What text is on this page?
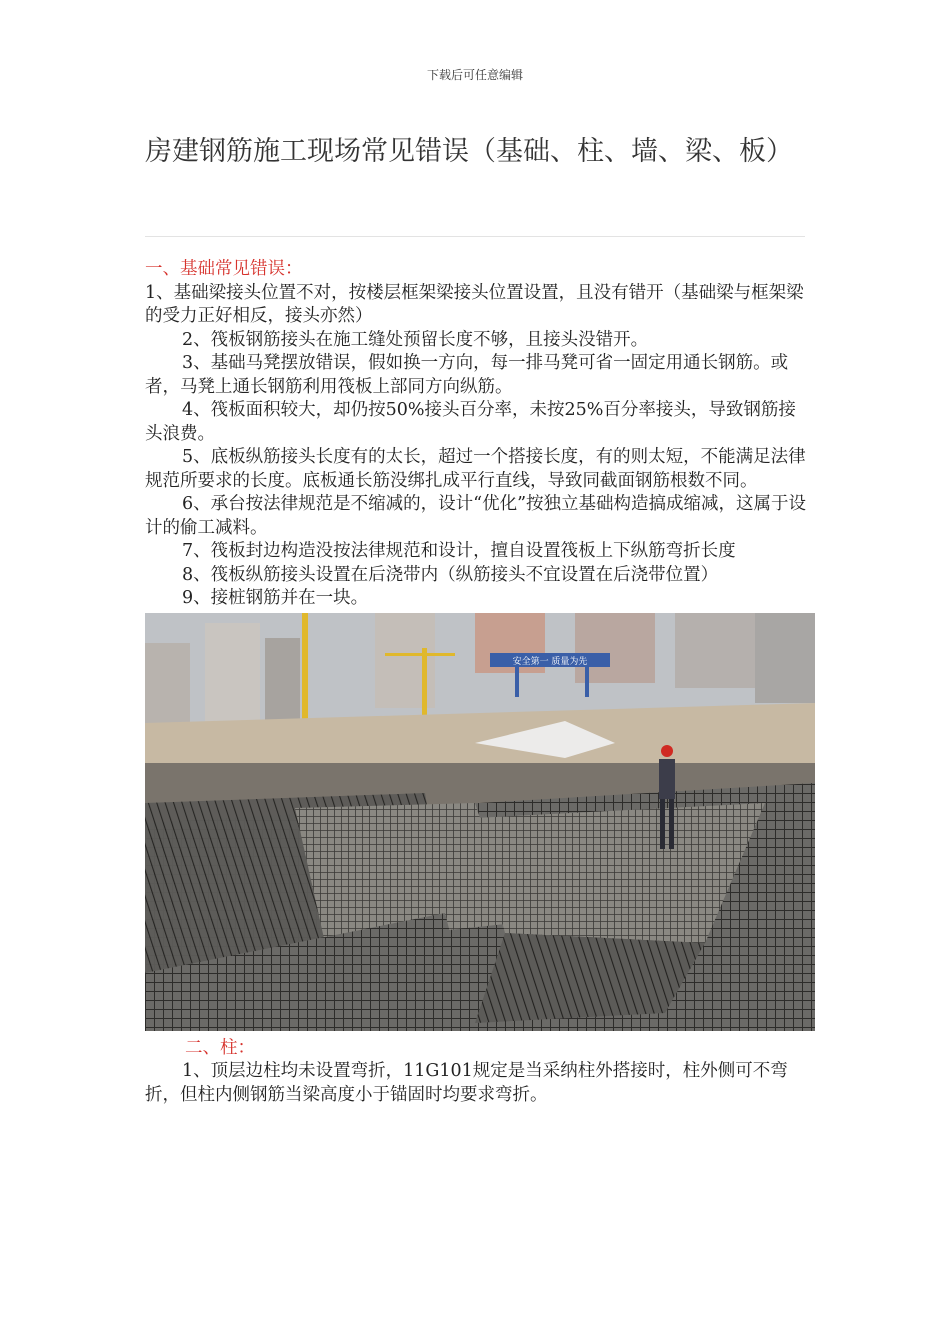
下载后可任意编辑
房建钢筋施工现场常见错误（基础、柱、墙、梁、板）

一、基础常见错误：

1、基础梁接头位置不对，按楼层框架梁接头位置设置，且没有错开（基础梁与框架梁的受力正好相反，接头亦然）

2、筏板钢筋接头在施工缝处预留长度不够，且接头没错开。

3、基础马凳摆放错误，假如换一方向，每一排马凳可省一固定用通长钢筋。或者，马凳上通长钢筋利用筏板上部同方向纵筋。

4、筏板面积较大，却仍按50%接头百分率，未按25%百分率接头，导致钢筋接头浪费。

5、底板纵筋接头长度有的太长，超过一个搭接长度，有的则太短，不能满足法律规范所要求的长度。底板通长筋没绑扎成平行直线，导致同截面钢筋根数不同。

6、承台按法律规范是不缩减的，设计“优化”按独立基础构造搞成缩减，这属于设计的偷工减料。

7、筏板封边构造没按法律规范和设计，擅自设置筏板上下纵筋弯折长度

8、筏板纵筋接头设置在后浇带内（纵筋接头不宜设置在后浇带位置）

9、接桩钢筋并在一块。

安全第一 质量为先

二、柱：

1、顶层边柱均未设置弯折，11G101规定是当采纳柱外搭接时，柱外侧可不弯折，但柱内侧钢筋当梁高度小于锚固时均要求弯折。
